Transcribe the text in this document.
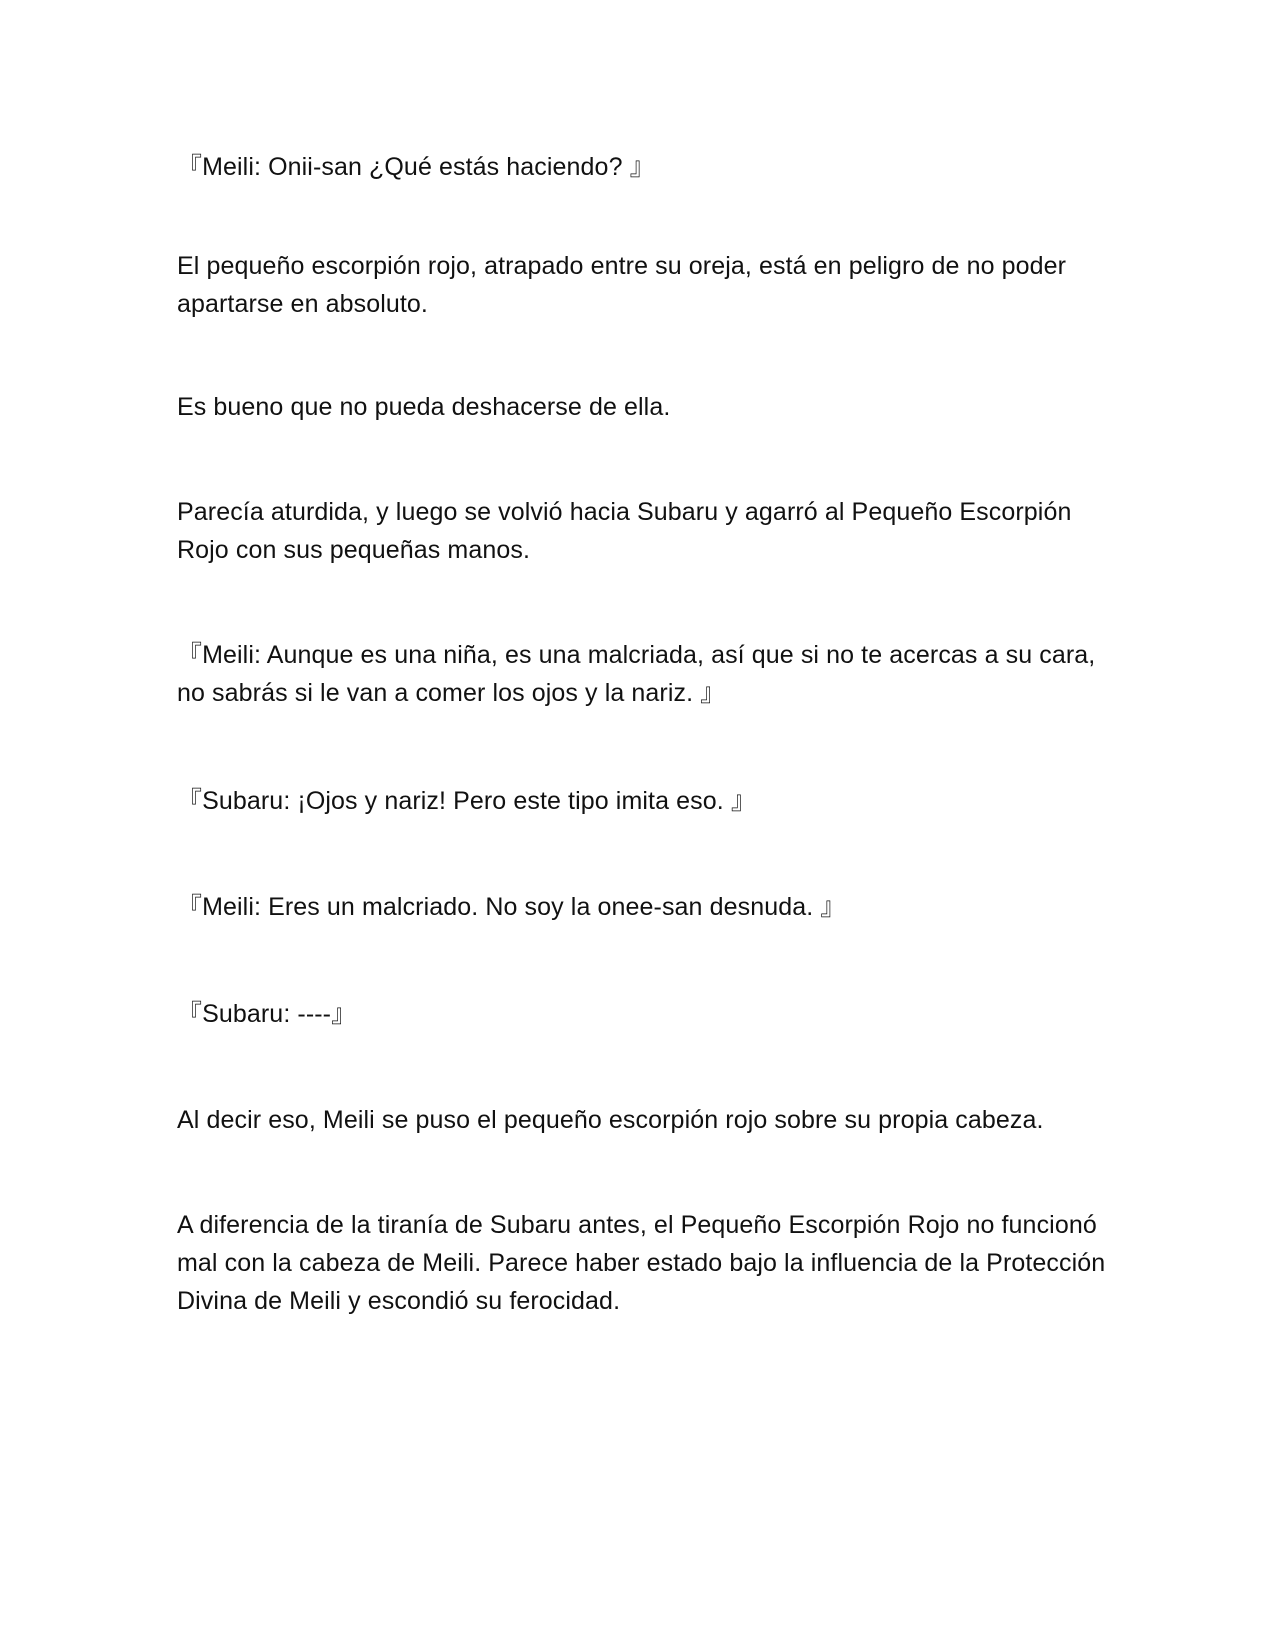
『Meili: Onii-san ¿Qué estás haciendo? 』

El pequeño escorpión rojo, atrapado entre su oreja, está en peligro de no poder apartarse en absoluto.

Es bueno que no pueda deshacerse de ella.

Parecía aturdida, y luego se volvió hacia Subaru y agarró al Pequeño Escorpión Rojo con sus pequeñas manos.

『Meili: Aunque es una niña, es una malcriada, así que si no te acercas a su cara, no sabrás si le van a comer los ojos y la nariz. 』

『Subaru: ¡Ojos y nariz! Pero este tipo imita eso. 』

『Meili: Eres un malcriado. No soy la onee-san desnuda. 』

『Subaru: ----』

Al decir eso, Meili se puso el pequeño escorpión rojo sobre su propia cabeza.

A diferencia de la tiranía de Subaru antes, el Pequeño Escorpión Rojo no funcionó mal con la cabeza de Meili. Parece haber estado bajo la influencia de la Protección Divina de Meili y escondió su ferocidad.
